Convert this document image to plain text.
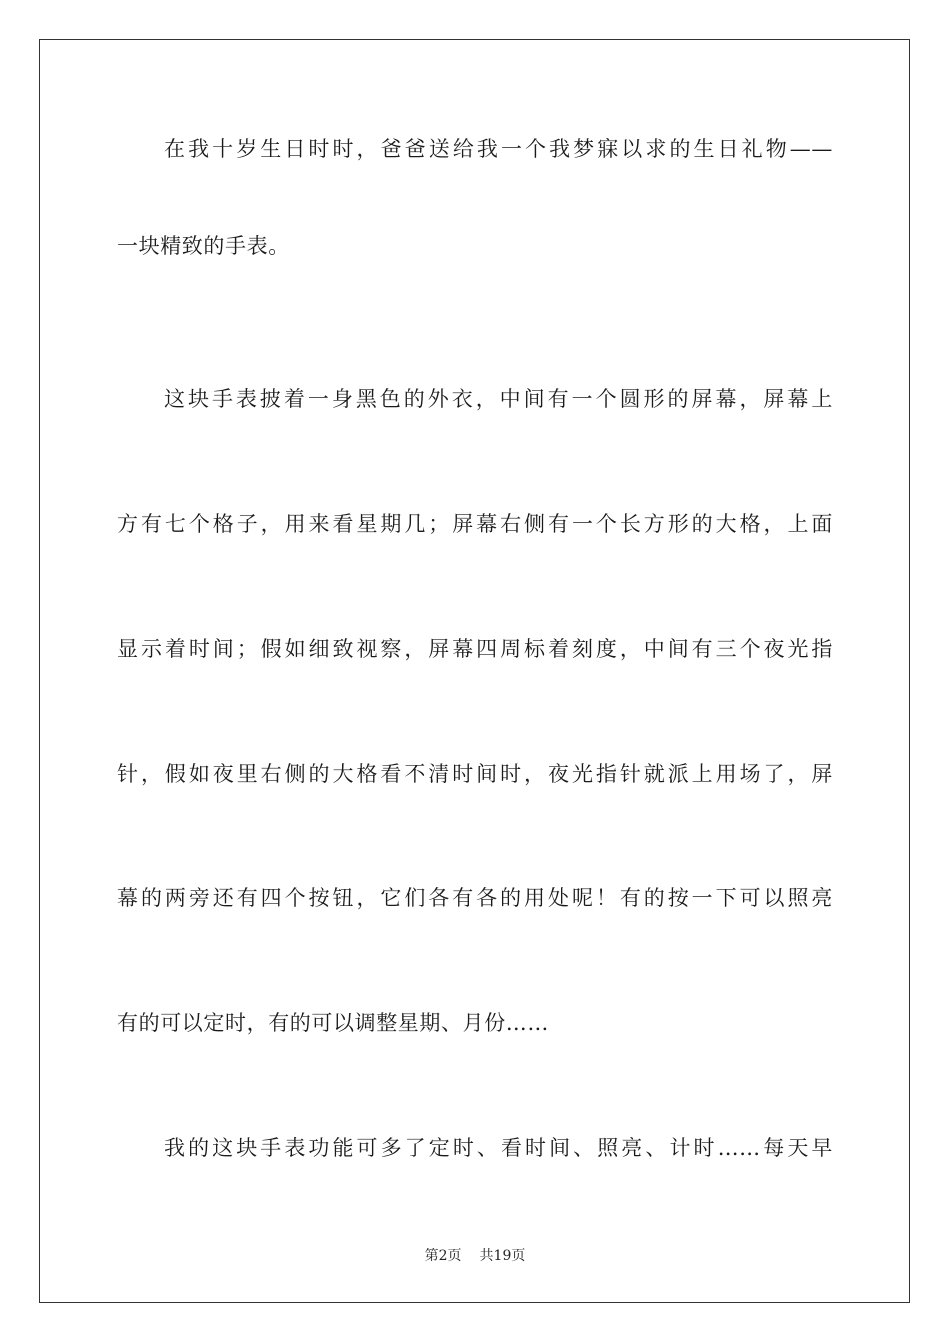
在我十岁生日时时，爸爸送给我一个我梦寐以求的生日礼物——
一块精致的手表。
这块手表披着一身黑色的外衣，中间有一个圆形的屏幕，屏幕上
方有七个格子，用来看星期几；屏幕右侧有一个长方形的大格，上面
显示着时间；假如细致视察，屏幕四周标着刻度，中间有三个夜光指
针，假如夜里右侧的大格看不清时间时，夜光指针就派上用场了，屏
幕的两旁还有四个按钮，它们各有各的用处呢！有的按一下可以照亮
有的可以定时，有的可以调整星期、月份……
我的这块手表功能可多了定时、看时间、照亮、计时……每天早
第2页 共19页
